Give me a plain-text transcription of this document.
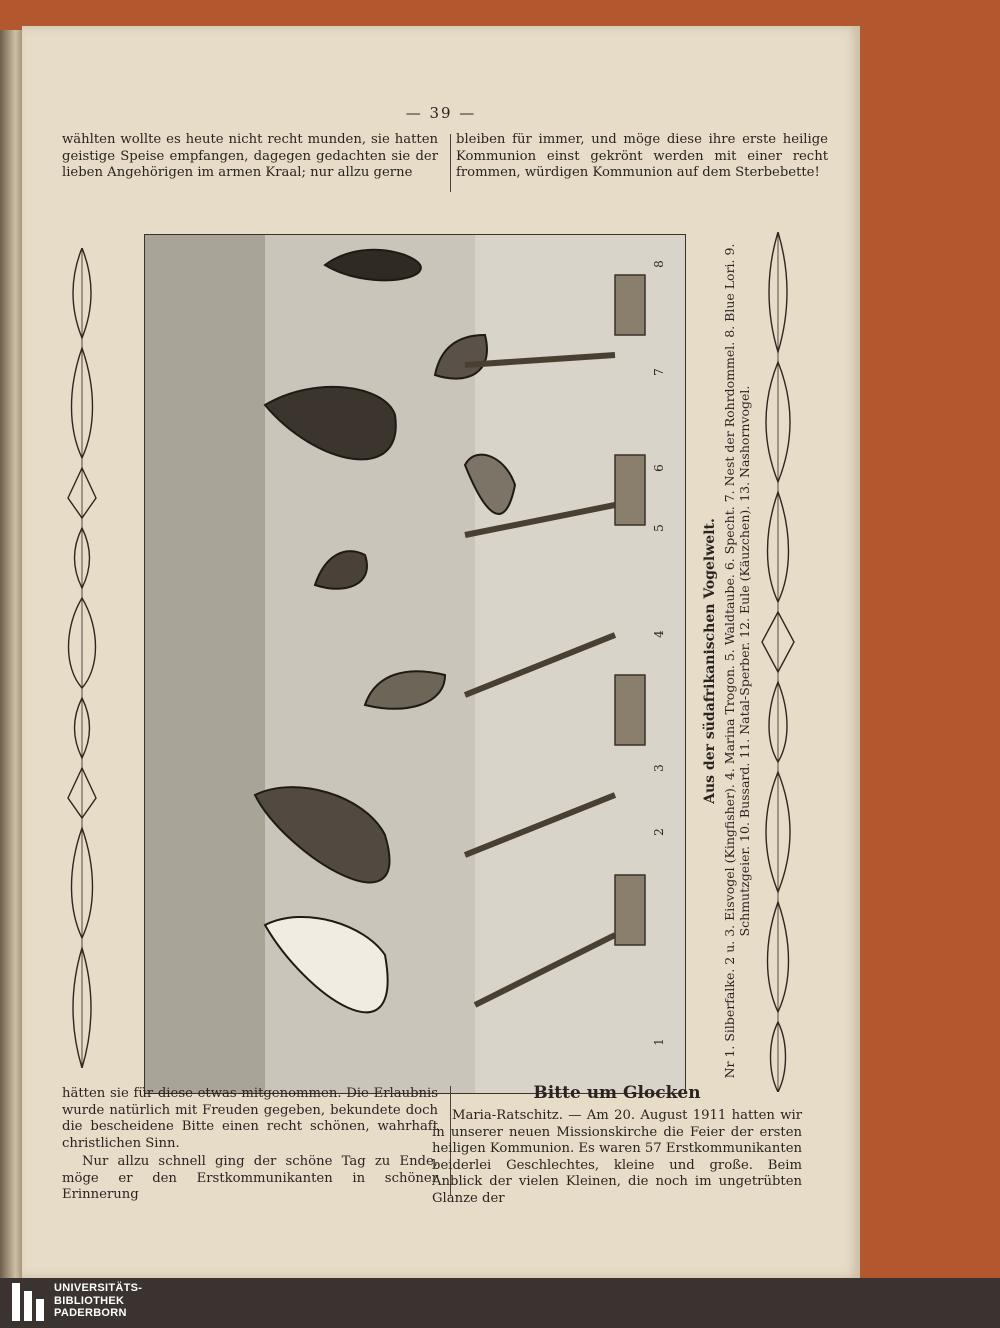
— 39 —

wählten wollte es heute nicht recht munden, sie hatten geistige Speise empfangen, dagegen gedachten sie der lieben Angehörigen im armen Kraal; nur allzu gerne

bleiben für immer, und möge diese ihre erste heilige Kommunion einst gekrönt werden mit einer recht frommen, würdigen Kommunion auf dem Sterbebette!

1
2
3
4
5
6
7
8
Aus der südafrikanischen Vogelwelt. Nr 1. Silberfalke. 2 u. 3. Eisvogel (Kingfisher). 4. Marina Trogon. 5. Waldtaube. 6. Specht. 7. Nest der Rohrdommel. 8. Blue Lori. 9. Schmutzgeier. 10. Bussard. 11. Natal-Sperber. 12. Eule (Käuzchen). 13. Nashornvogel.

hätten sie für diese etwas mitgenommen. Die Erlaubnis wurde natürlich mit Freuden gegeben, bekundete doch die bescheidene Bitte einen recht schönen, wahrhaft christlichen Sinn.

Nur allzu schnell ging der schöne Tag zu Ende, möge er den Erstkommunikanten in schöner Erinnerung

Bitte um Glocken

Maria-Ratschitz. — Am 20. August 1911 hatten wir in unserer neuen Missionskirche die Feier der ersten heiligen Kommunion. Es waren 57 Erstkommunikanten beiderlei Geschlechtes, kleine und große. Beim Anblick der vielen Kleinen, die noch im ungetrübten Glanze der

UNIVERSITÄTS-
BIBLIOTHEK
PADERBORN
